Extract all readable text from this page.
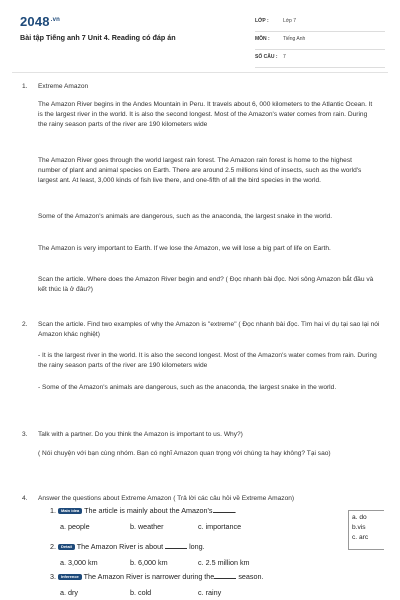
$2048^{.vn}$
Bài tập Tiếng anh 7 Unit 4. Reading có đáp án
LỚP :	Lớp 7
MÔN :	Tiếng Anh
SỐ CÂU : 7
1. Extreme Amazon
The Amazon River begins in the Andes Mountain in Peru. It travels about 6, 000 kilometers to the Atlantic Ocean. It is the largest river in the world. It is also the second longest. Most of the Amazon's water comes from rain. During the rainy season parts of the river are 190 kilometers wide
The Amazon River goes through the world largest rain forest. The Amazon rain forest is home to the highest number of plant and animal species on Earth. There are around 2.5 millions kind of insects, such as the world's largest ant. At least, 3,000 kinds of fish live there, and one-fifth of all the bird species in the world.
Some of the Amazon's animals are dangerous, such as the anaconda, the largest snake in the world.
The Amazon is very important to Earth. If we lose the Amazon, we will lose a big part of life on Earth.
Scan the article. Where does the Amazon River begin and end? ( Đọc nhanh bài đọc. Nơi sông Amazon bắt đầu và kết thúc là ở đâu?)
2. Scan the article. Find two examples of why the Amazon is "extreme" ( Đọc nhanh bài đọc. Tìm hai ví dụ tại sao lại nói Amazon khác nghiệt)
- It is the largest river in the world. It is also the second longest. Most of the Amazon's water comes from rain. During the rainy season parts of the river are 190 kilometers wide
- Some of the Amazon's animals are dangerous, such as the anaconda, the largest snake in the world.
3. Talk with a partner. Do you think the Amazon is important to us. Why?)
( Nói chuyện với bạn cùng nhóm. Bạn có nghĩ Amazon quan trọng với chúng ta hay không? Tại sao)
4. Answer the questions about Extreme Amazon ( Trả lời các câu hỏi về Extreme Amazon)
1. Main idea The article is mainly about the Amazon's	.
a. people	b. weather	c. importance
2. Detail The Amazon River is about	long.
a. 3,000 km	b. 6,000 km	c. 2.5 million km
3. Inference The Amazon River is narrower during the	season.
a. dry	b. cold	c. rainy
a. do
b.vis
c. arc
